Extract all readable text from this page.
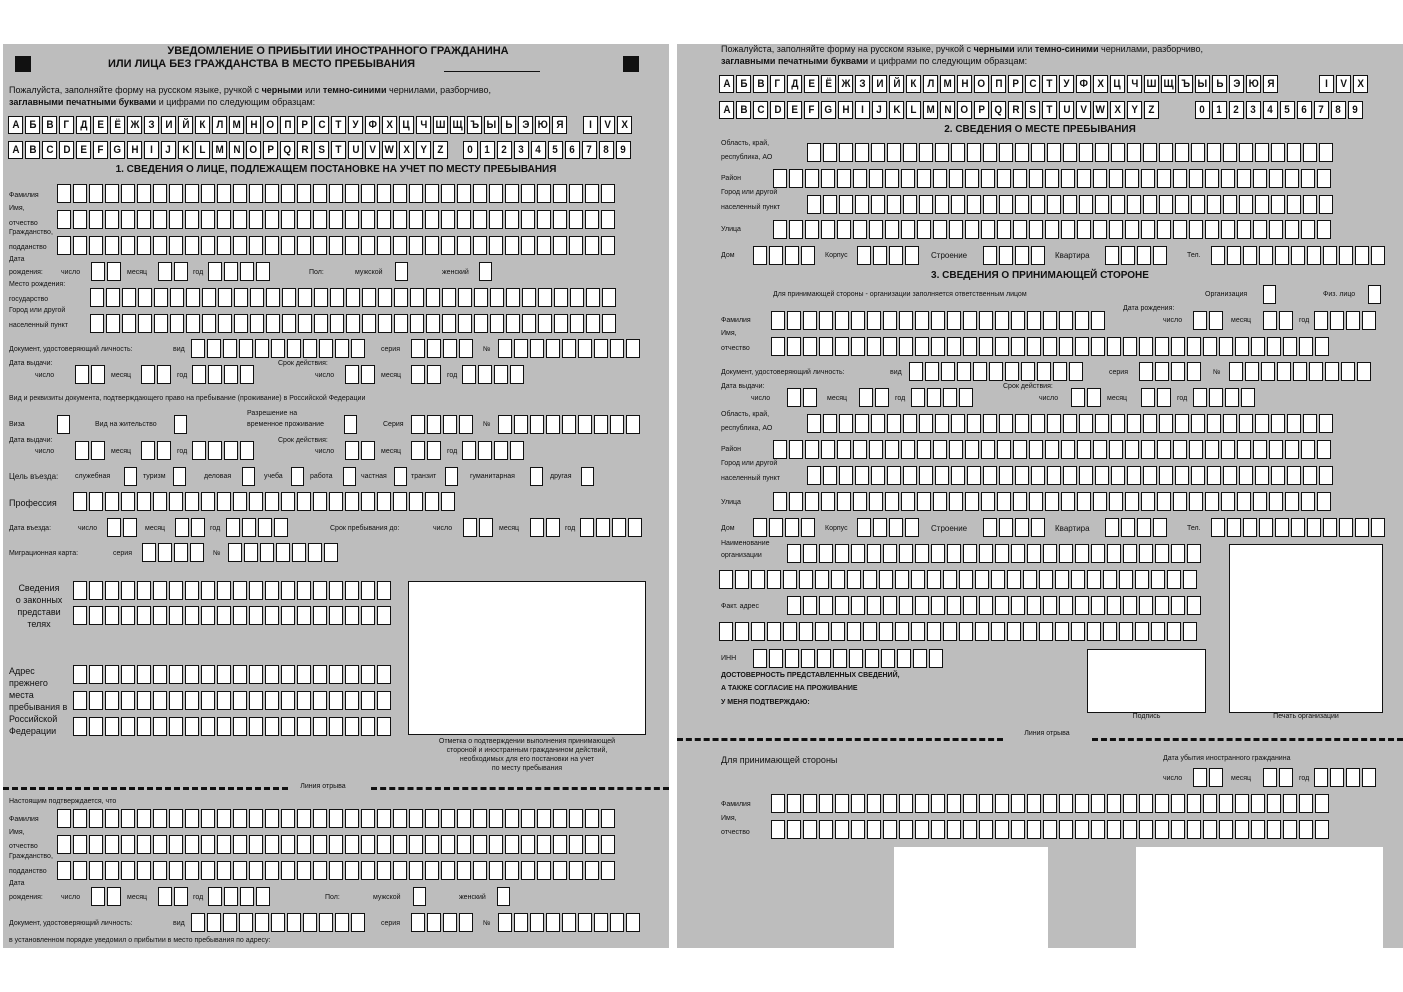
УВЕДОМЛЕНИЕ О ПРИБЫТИИ ИНОСТРАННОГО ГРАЖДАНИНА
ИЛИ ЛИЦА БЕЗ ГРАЖДАНСТВА В МЕСТО ПРЕБЫВАНИЯ
Пожалуйста, заполняйте форму на русском языке, ручкой с черными или темно-синими чернилами, разборчиво,
заглавными печатными буквами и цифрами по следующим образцам:
А Б В Г Д Е Ё Ж З И Й К Л М Н О П Р С Т У Ф Х Ц Ч Ш Щ Ъ Ы Ь Э Ю Я I V X
A B C D E F G H I J K L M N O P Q R S T U V W X Y Z 0 1 2 3 4 5 6 7 8 9
1. СВЕДЕНИЯ О ЛИЦЕ, ПОДЛЕЖАЩЕМ ПОСТАНОВКЕ НА УЧЕТ ПО МЕСТУ ПРЕБЫВАНИЯ
Фамилия
Имя,
отчество
Гражданство,
подданство
Дата
рождения:	число	месяц	год	Пол:	мужской	женский
Место рождения:
государство
Город или другой
населенный пункт
Документ, удостоверяющий личность:	вид	серия	№
Дата выдачи:
число	месяц	год
Срок действия:
число	месяц	год
Вид и реквизиты документа, подтверждающего право на пребывание (проживание) в Российской Федерации
Виза	Вид на жительство
Разрешение на
временное проживание	Серия	№
Дата выдачи:
число	месяц	год
Срок действия:
число	месяц	год
Цель въезда: служебная	туризм	деловая	учеба	работа	частная	транзит	гуманитарная	другая
Профессия
Дата въезда:	число	месяц	год	Срок пребывания до:	число	месяц	год
Миграционная карта:	серия	№
Сведения
о законных
представи
телях
Адрес
прежнего
места
пребывания в
Российской
Федерации
Отметка о подтверждении выполнения принимающей
стороной и иностранным гражданином действий,
необходимых для его постановки на учет
по месту пребывания
Линия отрыва
Настоящим подтверждается, что
Фамилия
Имя,
отчество
Гражданство,
подданство
Дата
рождения:	число	месяц	год	Пол:	мужской	женский
Документ, удостоверяющий личность:	вид	серия	№
в установленном порядке уведомил о прибытии в место пребывания по адресу:
Пожалуйста, заполняйте форму на русском языке, ручкой с черными или темно-синими чернилами, разборчиво,
заглавными печатными буквами и цифрами по следующим образцам:
А Б В Г Д Е Ё Ж З И Й К Л М Н О П Р С Т У Ф Х Ц Ч Ш Щ Ъ Ы Ь Э Ю Я	I V X
A B C D E F G H I J K L M N O P Q R S T U V W X Y Z	0 1 2 3 4 5 6 7 8 9
2. СВЕДЕНИЯ О МЕСТЕ ПРЕБЫВАНИЯ
Область, край,
республика, АО
Район
Город или другой
населенный пункт
Улица
Дом	Корпус	Строение	Квартира	Тел.
3. СВЕДЕНИЯ О ПРИНИМАЮЩЕЙ СТОРОНЕ
Для принимающей стороны - организации заполняется ответственным лицом	Организация	Физ. лицо
Фамилия
Дата рождения:
число	месяц	год
Имя,
отчество
Документ, удостоверяющий личность:	вид	серия	№
Дата выдачи:
число	месяц	год
Срок действия:
число	месяц	год
Область, край,
республика, АО
Район
Город или другой
населенный пункт
Улица
Дом	Корпус	Строение	Квартира	Тел.
Наименование
организации
Факт. адрес
ИНН
ДОСТОВЕРНОСТЬ ПРЕДСТАВЛЕННЫХ СВЕДЕНИЙ,
А ТАКЖЕ СОГЛАСИЕ НА ПРОЖИВАНИЕ
У МЕНЯ ПОДТВЕРЖДАЮ:
Подпись	Печать организации
Линия отрыва
Для принимающей стороны	Дата убытия иностранного гражданина
число	месяц	год
Фамилия
Имя,
отчество
